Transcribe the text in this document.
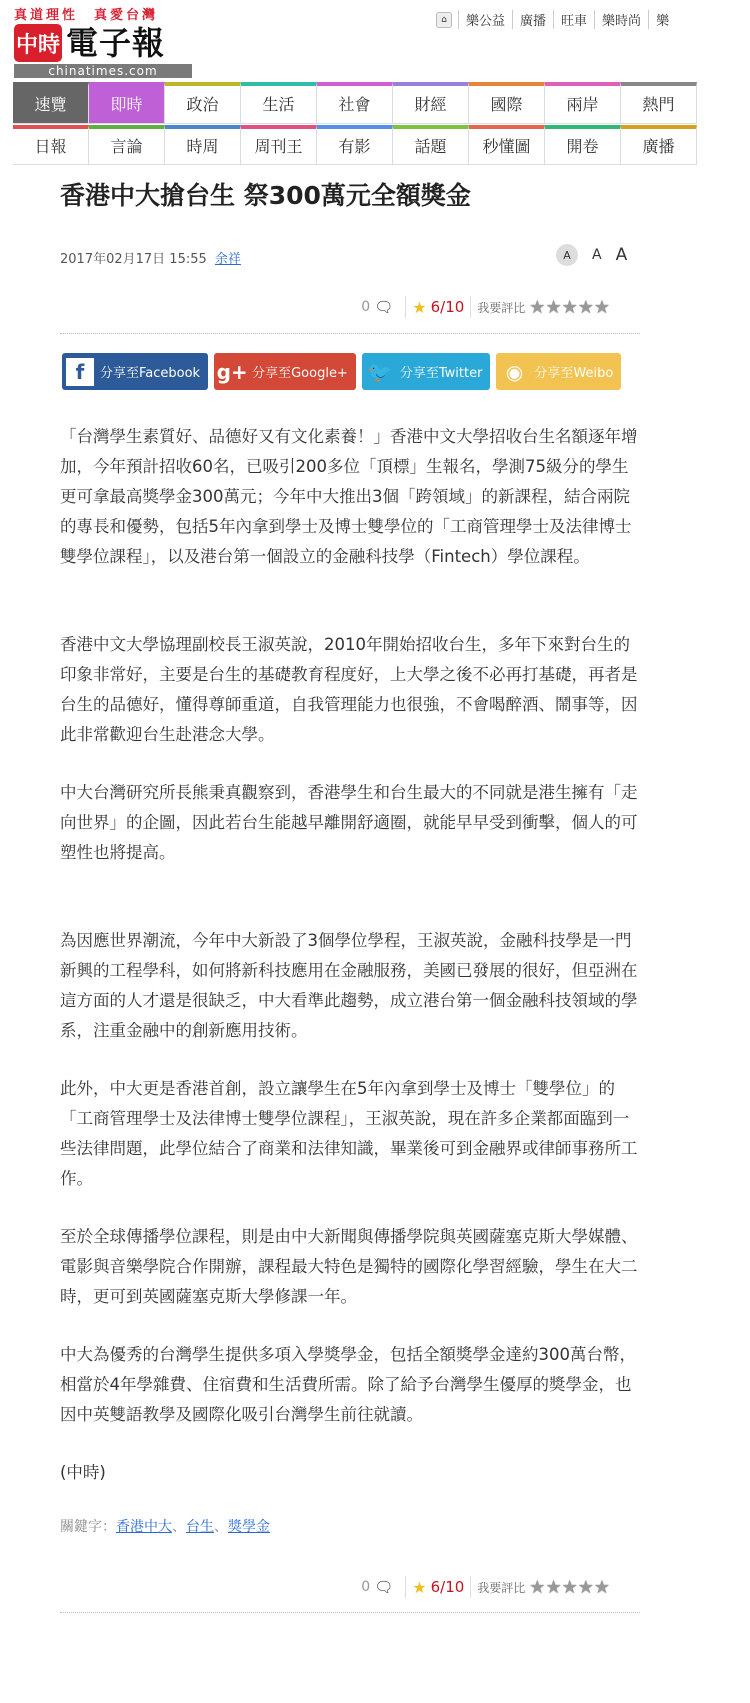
真道理性　真愛台灣
中時 電子報
chinatimes.com
⌂	樂公益	廣播	旺車	樂時尚	樂
速覽	即時	政治	生活	社會	財經	國際	兩岸	熱門
日報	言論	時周	周刊王	有影	話題	秒懂圖	開卷	廣播
香港中大搶台生 祭300萬元全額獎金
2017年02月17日 15:55 余祥	A	A A
0 🗨 ★ 6/10 我要評比 ★★★★★
f	分享至Facebook g+ 分享至Google+ 🐦 分享至Twitter ◉ 分享至Weibo

「台灣學生素質好、品德好又有文化素養！」香港中文大學招收台生名額逐年增加，今年預計招收60名，已吸引200多位「頂標」生報名，學測75級分的學生更可拿最高獎學金300萬元；今年中大推出3個「跨領域」的新課程，結合兩院的專長和優勢，包括5年內拿到學士及博士雙學位的「工商管理學士及法律博士雙學位課程」，以及港台第一個設立的金融科技學（Fintech）學位課程。

香港中文大學協理副校長王淑英說，2010年開始招收台生，多年下來對台生的印象非常好，主要是台生的基礎教育程度好，上大學之後不必再打基礎，再者是台生的品德好，懂得尊師重道，自我管理能力也很強，不會喝醉酒、鬧事等，因此非常歡迎台生赴港念大學。

中大台灣研究所長熊秉真觀察到，香港學生和台生最大的不同就是港生擁有「走向世界」的企圖，因此若台生能越早離開舒適圈，就能早早受到衝擊，個人的可塑性也將提高。

為因應世界潮流，今年中大新設了3個學位學程，王淑英說，金融科技學是一門新興的工程學科，如何將新科技應用在金融服務，美國已發展的很好，但亞洲在這方面的人才還是很缺乏，中大看準此趨勢，成立港台第一個金融科技領域的學系，注重金融中的創新應用技術。

此外，中大更是香港首創，設立讓學生在5年內拿到學士及博士「雙學位」的「工商管理學士及法律博士雙學位課程」，王淑英說，現在許多企業都面臨到一些法律問題，此學位結合了商業和法律知識，畢業後可到金融界或律師事務所工作。

至於全球傳播學位課程，則是由中大新聞與傳播學院與英國薩塞克斯大學媒體、電影與音樂學院合作開辦，課程最大特色是獨特的國際化學習經驗，學生在大二時，更可到英國薩塞克斯大學修課一年。

中大為優秀的台灣學生提供多項入學獎學金，包括全額獎學金達約300萬台幣，相當於4年學雜費、住宿費和生活費所需。除了給予台灣學生優厚的獎學金，也因中英雙語教學及國際化吸引台灣學生前往就讀。

(中時)

關鍵字：香港中大、台生、獎學金
0 🗨 ★ 6/10 我要評比 ★★★★★
